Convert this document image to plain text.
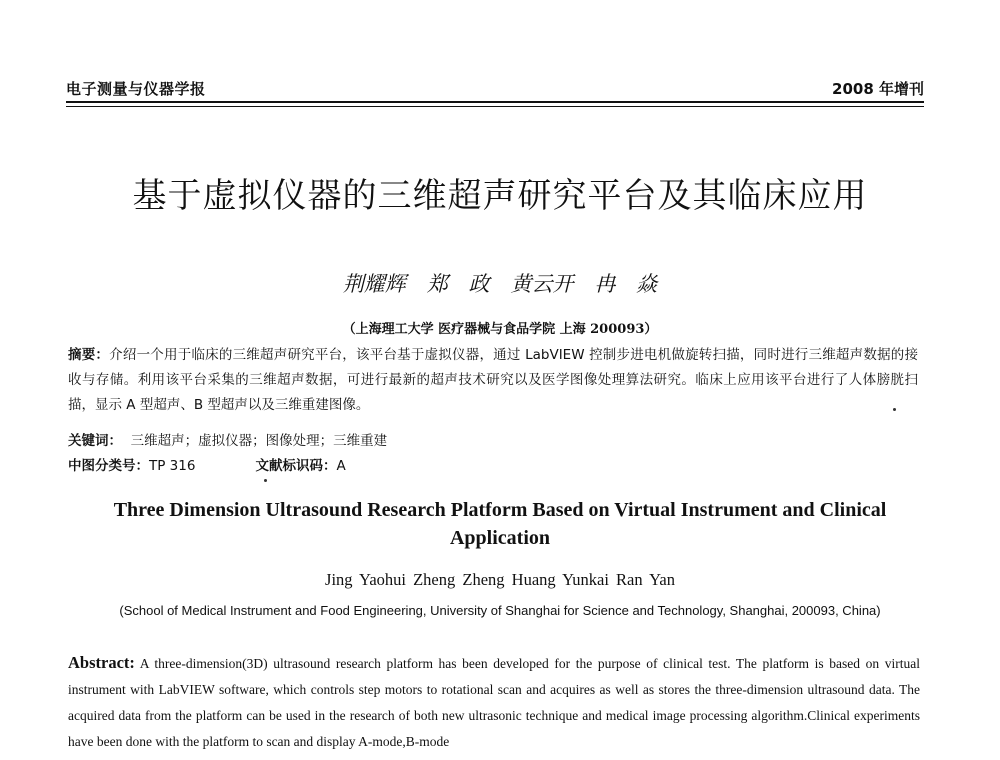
电子测量与仪器学报	2008 年增刊
基于虚拟仪器的三维超声研究平台及其临床应用
荆耀辉　郑 政　黄云开　冉 焱
（上海理工大学 医疗器械与食品学院 上海 200093）
摘要：介绍一个用于临床的三维超声研究平台，该平台基于虚拟仪器，通过 LabVIEW 控制步进电机做旋转扫描，同时进行三维超声数据的接收与存储。利用该平台采集的三维超声数据，可进行最新的超声技术研究以及医学图像处理算法研究。临床上应用该平台进行了人体膀胱扫描，显示 A 型超声、B 型超声以及三维重建图像。
关键词： 三维超声；虚拟仪器；图像处理；三维重建
中图分类号：TP 316	文献标识码：A
Three Dimension Ultrasound Research Platform Based on Virtual Instrument and Clinical Application
Jing Yaohui Zheng Zheng Huang Yunkai Ran Yan
(School of Medical Instrument and Food Engineering, University of Shanghai for Science and Technology, Shanghai, 200093, China)
Abstract: A three-dimension(3D) ultrasound research platform has been developed for the purpose of clinical test. The platform is based on virtual instrument with LabVIEW software, which controls step motors to rotational scan and acquires as well as stores the three-dimension ultrasound data. The acquired data from the platform can be used in the research of both new ultrasonic technique and medical image processing algorithm.Clinical experiments have been done with the platform to scan and display A-mode,B-mode
